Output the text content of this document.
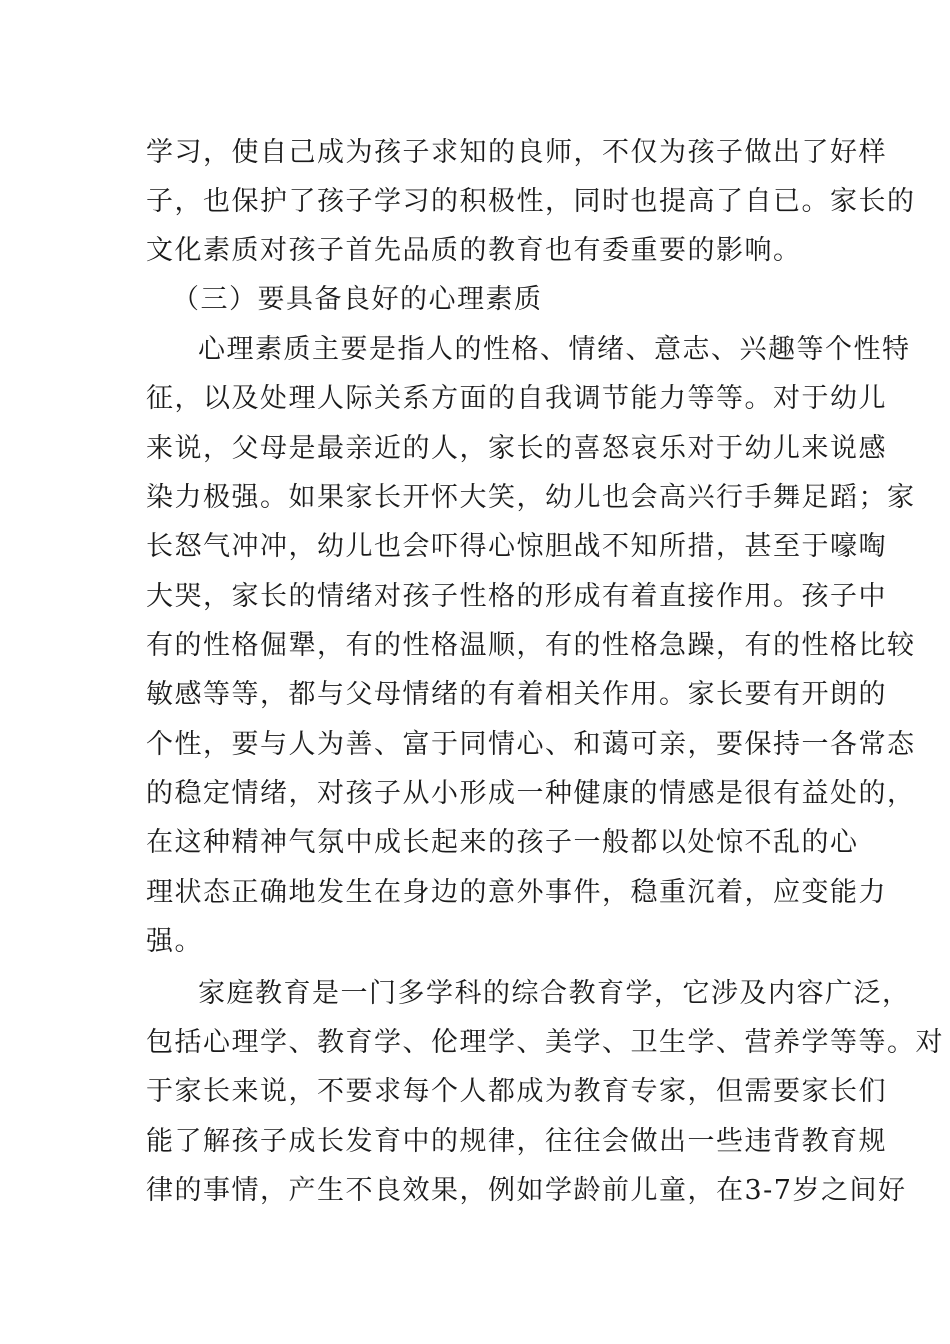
学习，使自己成为孩子求知的良师，不仅为孩子做出了好样
子，也保护了孩子学习的积极性，同时也提高了自已。家长的
文化素质对孩子首先品质的教育也有委重要的影响。
（三）要具备良好的心理素质
心理素质主要是指人的性格、情绪、意志、兴趣等个性特
征，以及处理人际关系方面的自我调节能力等等。对于幼儿
来说，父母是最亲近的人，家长的喜怒哀乐对于幼儿来说感
染力极强。如果家长开怀大笑，幼儿也会高兴行手舞足蹈；家
长怒气冲冲，幼儿也会吓得心惊胆战不知所措，甚至于嚎啕
大哭，家长的情绪对孩子性格的形成有着直接作用。孩子中
有的性格倔犟，有的性格温顺，有的性格急躁，有的性格比较
敏感等等，都与父母情绪的有着相关作用。家长要有开朗的
个性，要与人为善、富于同情心、和蔼可亲，要保持一各常态
的稳定情绪，对孩子从小形成一种健康的情感是很有益处的，
在这种精神气氛中成长起来的孩子一般都以处惊不乱的心
理状态正确地发生在身边的意外事件，稳重沉着，应变能力
强。
家庭教育是一门多学科的综合教育学，它涉及内容广泛，
包括心理学、教育学、伦理学、美学、卫生学、营养学等等。对
于家长来说，不要求每个人都成为教育专家，但需要家长们
能了解孩子成长发育中的规律，往往会做出一些违背教育规
律的事情，产生不良效果，例如学龄前儿童，在3-7岁之间好
